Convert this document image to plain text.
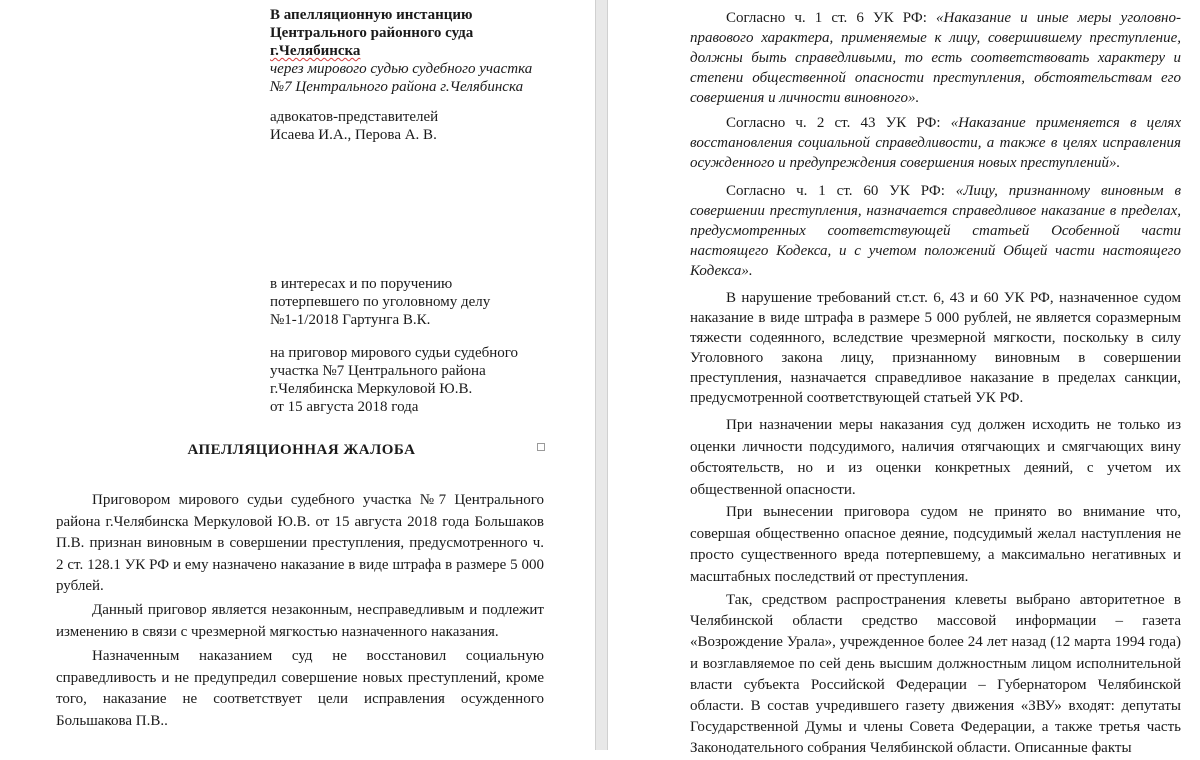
В апелляционную инстанцию
Центрального районного суда
г.Челябинска
через мирового судью судебного участка
№7 Центрального района г.Челябинска
адвокатов-представителей
Исаева И.А., Перова А. В.
в интересах и по поручению
потерпевшего по уголовному делу
№1-1/2018 Гартунга В.К.
на приговор мирового судьи судебного
участка №7 Центрального района
г.Челябинска Меркуловой Ю.В.
от 15 августа 2018 года
АПЕЛЛЯЦИОННАЯ ЖАЛОБА
Приговором мирового судьи судебного участка №7 Центрального района г.Челябинска Меркуловой Ю.В. от 15 августа 2018 года Большаков П.В. признан виновным в совершении преступления, предусмотренного ч. 2 ст. 128.1 УК РФ и ему назначено наказание в виде штрафа в размере 5 000 рублей.
Данный приговор является незаконным, несправедливым и подлежит изменению в связи с чрезмерной мягкостью назначенного наказания.
Назначенным наказанием суд не восстановил социальную справедливость и не предупредил совершение новых преступлений, кроме того, наказание не соответствует цели исправления осужденного Большакова П.В..
Согласно ч. 1 ст. 6 УК РФ: «Наказание и иные меры уголовно-правового характера, применяемые к лицу, совершившему преступление, должны быть справедливыми, то есть соответствовать характеру и степени общественной опасности преступления, обстоятельствам его совершения и личности виновного».
Согласно ч. 2 ст. 43 УК РФ: «Наказание применяется в целях восстановления социальной справедливости, а также в целях исправления осужденного и предупреждения совершения новых преступлений».
Согласно ч. 1 ст. 60 УК РФ: «Лицу, признанному виновным в совершении преступления, назначается справедливое наказание в пределах, предусмотренных соответствующей статьей Особенной части настоящего Кодекса, и с учетом положений Общей части настоящего Кодекса».
В нарушение требований ст.ст. 6, 43 и 60 УК РФ, назначенное судом наказание в виде штрафа в размере 5 000 рублей, не является соразмерным тяжести содеянного, вследствие чрезмерной мягкости, поскольку в силу Уголовного закона лицу, признанному виновным в совершении преступления, назначается справедливое наказание в пределах санкции, предусмотренной соответствующей статьей УК РФ.
При назначении меры наказания суд должен исходить не только из оценки личности подсудимого, наличия отягчающих и смягчающих вину обстоятельств, но и из оценки конкретных деяний, с учетом их общественной опасности.
При вынесении приговора судом не принято во внимание что, совершая общественно опасное деяние, подсудимый желал наступления не просто существенного вреда потерпевшему, а максимально негативных и масштабных последствий от преступления.
Так, средством распространения клеветы выбрано авторитетное в Челябинской области средство массовой информации – газета «Возрождение Урала», учрежденное более 24 лет назад (12 марта 1994 года) и возглавляемое по сей день высшим должностным лицом исполнительной власти субъекта Российской Федерации – Губернатором Челябинской области. В состав учредившего газету движения «ЗВУ» входят: депутаты Государственной Думы и члены Совета Федерации, а также третья часть Законодательного собрания Челябинской области. Описанные факты
